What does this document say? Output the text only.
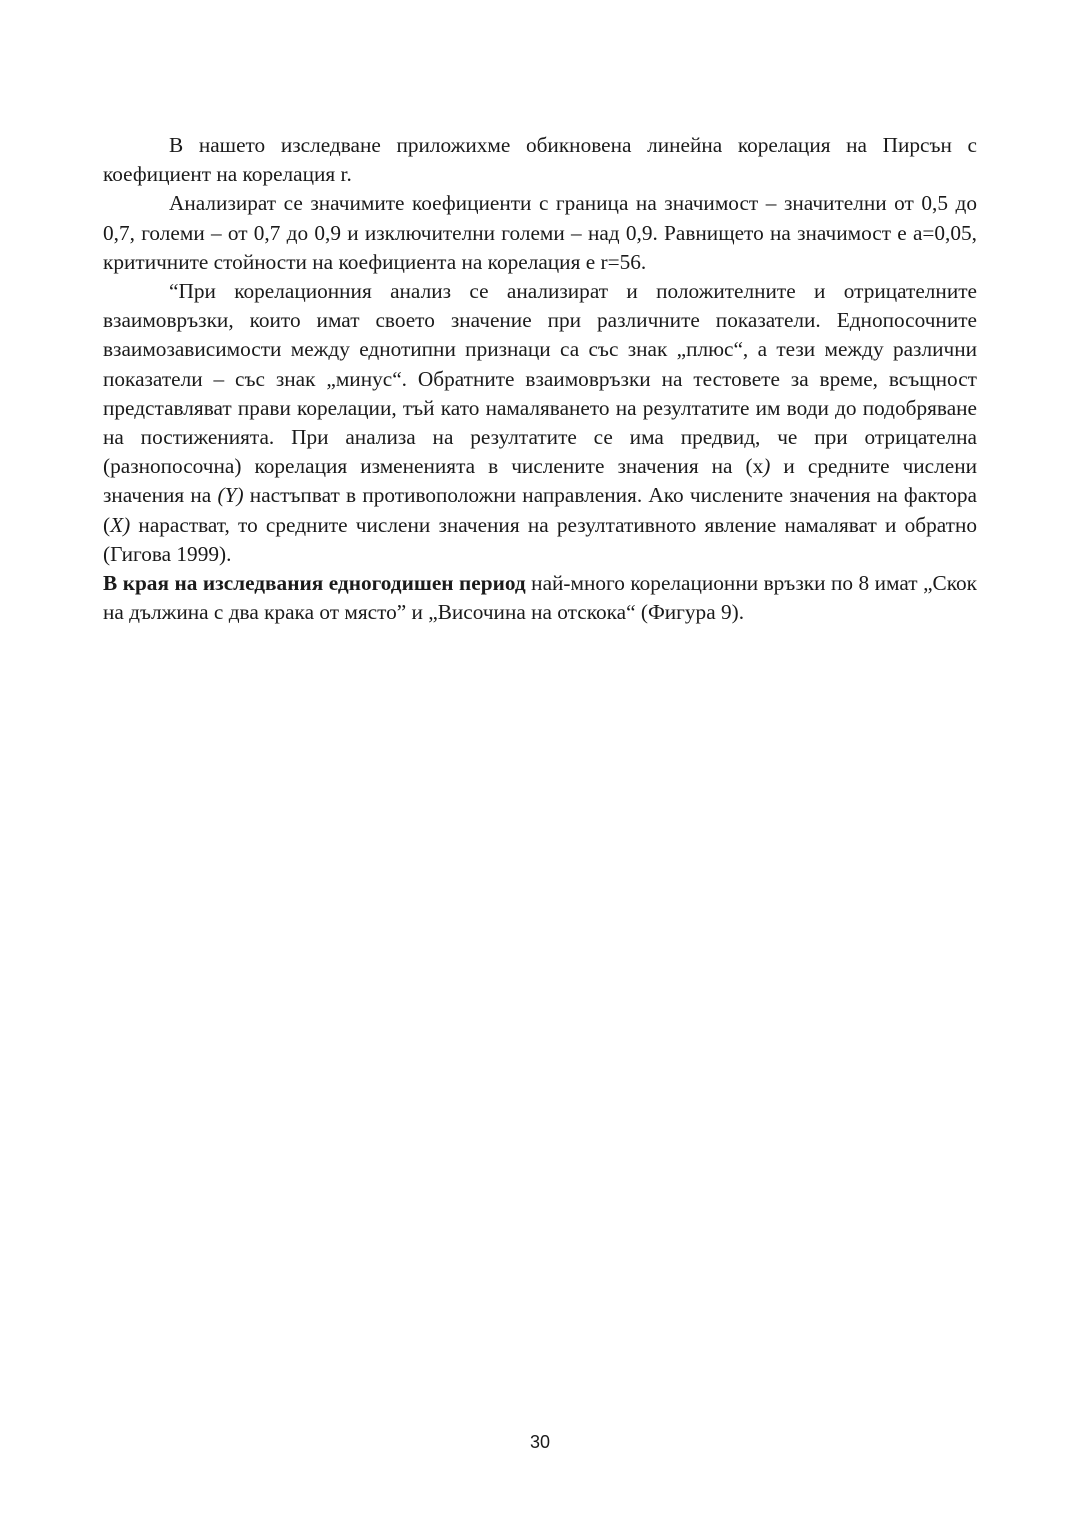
В нашето изследване приложихме обикновена линейна корелация на Пирсън с коефициент на корелация r.

Анализират се значимите коефициенти с граница на значимост – значителни от 0,5 до 0,7, големи – от 0,7 до 0,9 и изключителни големи – над 0,9. Равнището на значимост е a=0,05, критичните стойности на коефициента на корелация е r=56.

“При корелационния анализ се анализират и положителните и отрицателните взаимовръзки, които имат своето значение при различните показатели. Еднопосочните взаимозависимости между еднотипни признаци са със знак „плюс“, а тези между различни показатели – със знак „минус“. Обратните взаимовръзки на тестовете за време, всъщност представляват прави корелации, тъй като намаляването на резултатите им води до подобряване на постиженията. При анализа на резултатите се има предвид, че при отрицателна (разнопосочна) корелация измененията в числените значения на (x) и средните числени значения на (Y) настъпват в противоположни направления. Ако числените значения на фактора (X) нарастват, то средните числени значения на резултативното явление намаляват и обратно (Гигова 1999).

В края на изследвания едногодишен период най-много корелационни връзки по 8 имат „Скок на дължина с два крака от място” и „Височина на отскока“ (Фигура 9).

30
